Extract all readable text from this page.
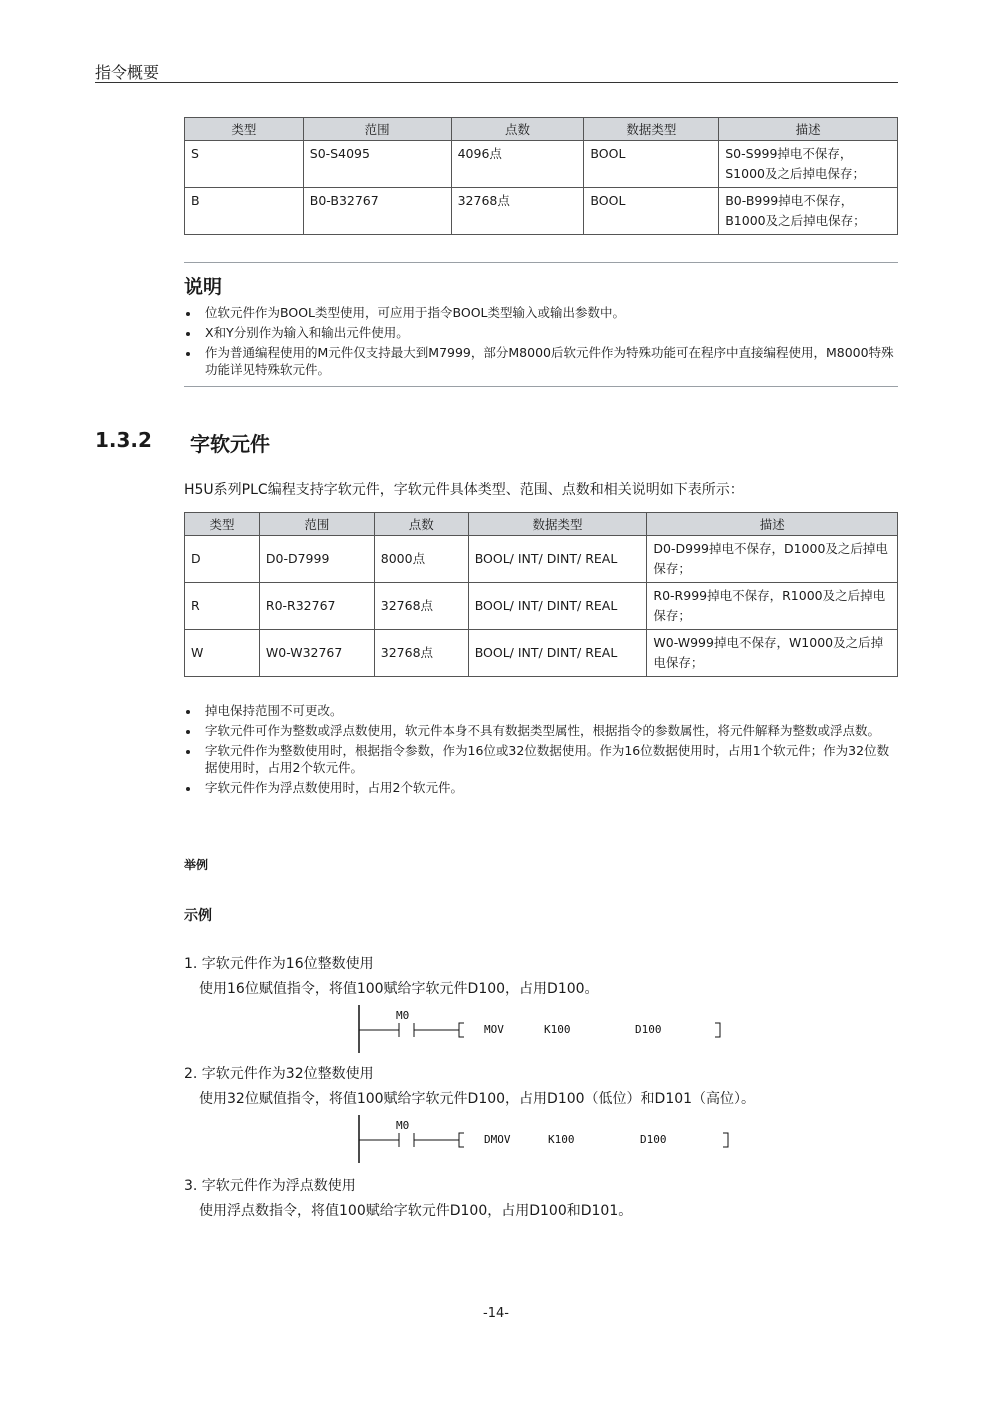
指令概要
类型	范围	点数	数据类型	描述
S	S0-S4095	4096点	BOOL	S0-S999掉电不保存，S1000及之后掉电保存；
B	B0-B32767	32768点	BOOL	B0-B999掉电不保存，B1000及之后掉电保存；
说明
位软元件作为BOOL类型使用，可应用于指令BOOL类型输入或输出参数中。
X和Y分别作为输入和输出元件使用。
作为普通编程使用的M元件仅支持最大到M7999，部分M8000后软元件作为特殊功能可在程序中直接编程使用，M8000特殊功能详见特殊软元件。
1.3.2 字软元件
H5U系列PLC编程支持字软元件，字软元件具体类型、范围、点数和相关说明如下表所示：
类型	范围	点数	数据类型	描述
D	D0-D7999	8000点	BOOL/ INT/ DINT/ REAL	D0-D999掉电不保存，D1000及之后掉电保存；
R	R0-R32767	32768点	BOOL/ INT/ DINT/ REAL	R0-R999掉电不保存，R1000及之后掉电保存；
W	W0-W32767	32768点	BOOL/ INT/ DINT/ REAL	W0-W999掉电不保存，W1000及之后掉电保存；
掉电保持范围不可更改。
字软元件可作为整数或浮点数使用，软元件本身不具有数据类型属性，根据指令的参数属性，将元件解释为整数或浮点数。
字软元件作为整数使用时，根据指令参数，作为16位或32位数据使用。作为16位数据使用时，占用1个软元件；作为32位数据使用时，占用2个软元件。
字软元件作为浮点数使用时，占用2个软元件。
举例
示例
1. 字软元件作为16位整数使用
使用16位赋值指令，将值100赋给字软元件D100，占用D100。
M0
MOV	K100	D100
2. 字软元件作为32位整数使用
使用32位赋值指令，将值100赋给字软元件D100，占用D100（低位）和D101（高位）。
M0
DMOV	K100	D100
3. 字软元件作为浮点数使用
使用浮点数指令，将值100赋给字软元件D100，占用D100和D101。
-14-
